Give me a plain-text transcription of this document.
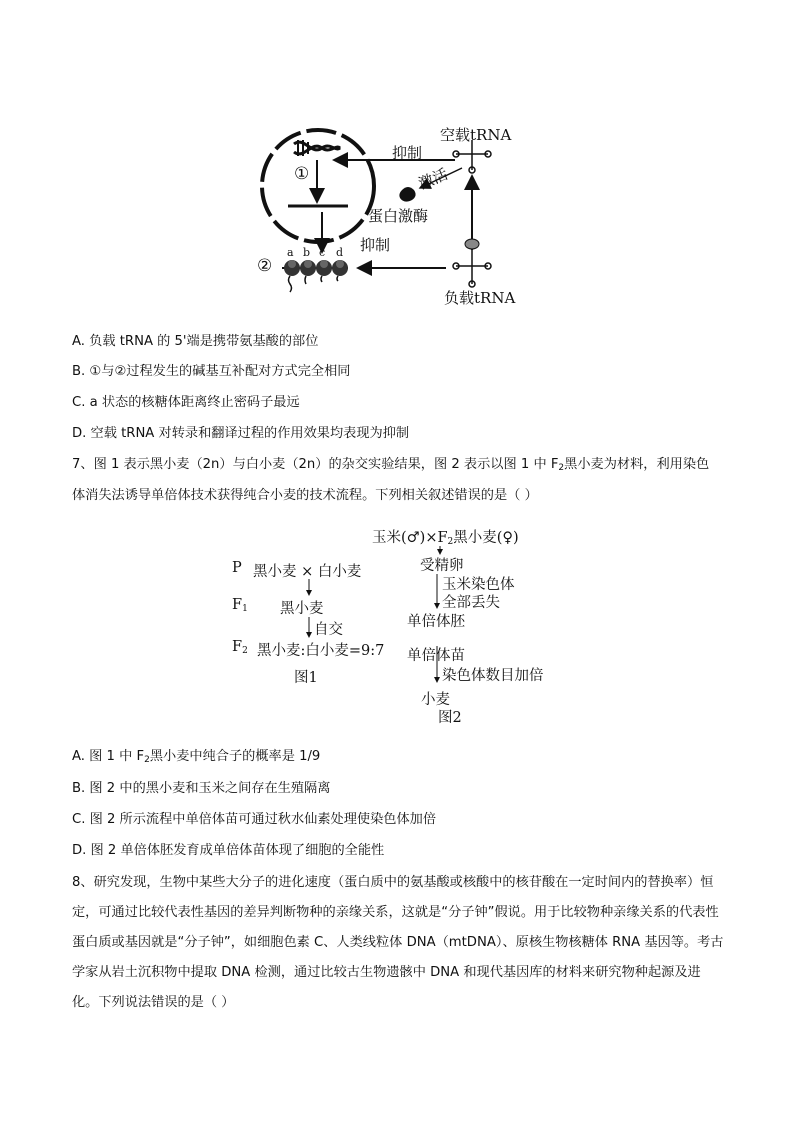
①
②
空载tRNA
负载tRNA
抑制
激活
蛋白激酶
抑制
a b c d
A. 负载 tRNA 的 5'端是携带氨基酸的部位
B. ①与②过程发生的碱基互补配对方式完全相同
C. a 状态的核糖体距离终止密码子最远
D. 空载 tRNA 对转录和翻译过程的作用效果均表现为抑制
7、图 1 表示黑小麦（2n）与白小麦（2n）的杂交实验结果，图 2 表示以图 1 中 $F_2$黑小麦为材料，利用染色
体消失法诱导单倍体技术获得纯合小麦的技术流程。下列相关叙述错误的是（ ）
P 黑小麦 × 白小麦
$F_1$ 黑小麦
自交
$F_2$ 黑小麦:白小麦=9:7
图1
玉米$(♂)\times F_2$黑小麦(♀)
受精卵
玉米染色体
全部丢失
单倍体胚
单倍体苗
染色体数目加倍
小麦
图2
A. 图 1 中 $F_2$黑小麦中纯合子的概率是 1/9
B. 图 2 中的黑小麦和玉米之间存在生殖隔离
C. 图 2 所示流程中单倍体苗可通过秋水仙素处理使染色体加倍
D. 图 2 单倍体胚发育成单倍体苗体现了细胞的全能性
8、研究发现，生物中某些大分子的进化速度（蛋白质中的氨基酸或核酸中的核苷酸在一定时间内的替换率）恒定，可通过比较代表性基因的差异判断物种的亲缘关系，这就是“分子钟”假说。用于比较物种亲缘关系的代表性蛋白质或基因就是“分子钟”，如细胞色素 C、人类线粒体 DNA（mtDNA）、原核生物核糖体 RNA 基因等。考古学家从岩土沉积物中提取 DNA 检测，通过比较古生物遗骸中 DNA 和现代基因库的材料来研究物种起源及进化。下列说法错误的是（ ）
